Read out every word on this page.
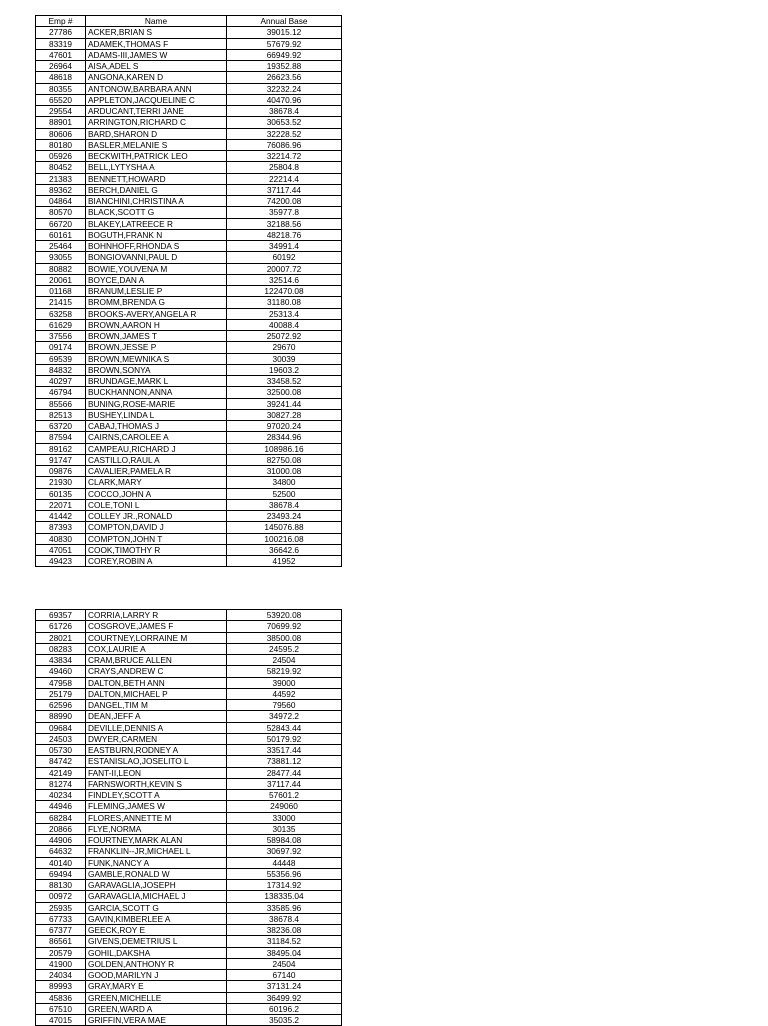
Emp #	Name	Annual Base
27786	ACKER,BRIAN S	39015.12
83319	ADAMEK,THOMAS F	57679.92
47601	ADAMS-III,JAMES W	66949.92
26964	AISA,ADEL S	19352.88
48618	ANGONA,KAREN D	26623.56
80355	ANTONOW,BARBARA ANN	32232.24
65520	APPLETON,JACQUELINE C	40470.96
29554	ARDUCANT,TERRI JANE	38678.4
88901	ARRINGTON,RICHARD C	30653.52
80606	BARD,SHARON D	32228.52
80180	BASLER,MELANIE S	76086.96
05926	BECKWITH,PATRICK LEO	32214.72
80452	BELL,LYTYSHA A	25804.8
21383	BENNETT,HOWARD	22214.4
89362	BERCH,DANIEL G	37117.44
04864	BIANCHINI,CHRISTINA A	74200.08
80570	BLACK,SCOTT G	35977.8
66720	BLAKEY,LATREECE R	32188.56
60161	BOGUTH,FRANK N	48218.76
25464	BOHNHOFF,RHONDA S	34991.4
93055	BONGIOVANNI,PAUL D	60192
80882	BOWIE,YOUVENA M	20007.72
20061	BOYCE,DAN A	32514.6
01168	BRANUM,LESLIE P	122470.08
21415	BROMM,BRENDA G	31180.08
63258	BROOKS-AVERY,ANGELA R	25313.4
61629	BROWN,AARON H	40088.4
37556	BROWN,JAMES T	25072.92
09174	BROWN,JESSE P	29670
69539	BROWN,MEWNIKA S	30039
84832	BROWN,SONYA	19603.2
40297	BRUNDAGE,MARK L	33458.52
46794	BUCKHANNON,ANNA	32500.08
85566	BUNING,ROSE-MARIE	39241.44
82513	BUSHEY,LINDA L	30827.28
63720	CABAJ,THOMAS J	97020.24
87594	CAIRNS,CAROLEE A	28344.96
89162	CAMPEAU,RICHARD J	108986.16
91747	CASTILLO,RAUL A	82750.08
09876	CAVALIER,PAMELA R	31000.08
21930	CLARK,MARY	34800
60135	COCCO,JOHN A	52500
22071	COLE,TONI L	38678.4
41442	COLLEY JR.,RONALD	23493.24
87393	COMPTON,DAVID J	145076.88
40830	COMPTON,JOHN T	100216.08
47051	COOK,TIMOTHY R	36642.6
49423	COREY,ROBIN A	41952
69357	CORRIA,LARRY R	53920.08
61726	COSGROVE,JAMES F	70699.92
28021	COURTNEY,LORRAINE M	38500.08
08283	COX,LAURIE A	24595.2
43834	CRAM,BRUCE ALLEN	24504
49460	CRAYS,ANDREW C	58219.92
47958	DALTON,BETH ANN	39000
25179	DALTON,MICHAEL P	44592
62596	DANGEL,TIM M	79560
88990	DEAN,JEFF A	34972.2
09684	DEVILLE,DENNIS A	52843.44
24503	DWYER,CARMEN	50179.92
05730	EASTBURN,RODNEY A	33517.44
84742	ESTANISLAO,JOSELITO L	73881.12
42149	FANT-II,LEON	28477.44
81274	FARNSWORTH,KEVIN S	37117.44
40234	FINDLEY,SCOTT A	57601.2
44946	FLEMING,JAMES W	249060
68284	FLORES,ANNETTE M	33000
20866	FLYE,NORMA	30135
44906	FOURTNEY,MARK ALAN	58984.08
64632	FRANKLIN--JR,MICHAEL L	30697.92
40140	FUNK,NANCY A	44448
69494	GAMBLE,RONALD W	55356.96
88130	GARAVAGLIA,JOSEPH	17314.92
00972	GARAVAGLIA,MICHAEL J	138335.04
25935	GARCIA,SCOTT G	33585.96
67733	GAVIN,KIMBERLEE A	38678.4
67377	GEECK,ROY E	38236.08
86561	GIVENS,DEMETRIUS L	31184.52
20579	GOHIL,DAKSHA	38495.04
41900	GOLDEN,ANTHONY R	24504
24034	GOOD,MARILYN J	67140
89993	GRAY,MARY E	37131.24
45836	GREEN,MICHELLE	36499.92
67510	GREEN,WARD A	60196.2
47015	GRIFFIN,VERA MAE	35035.2
